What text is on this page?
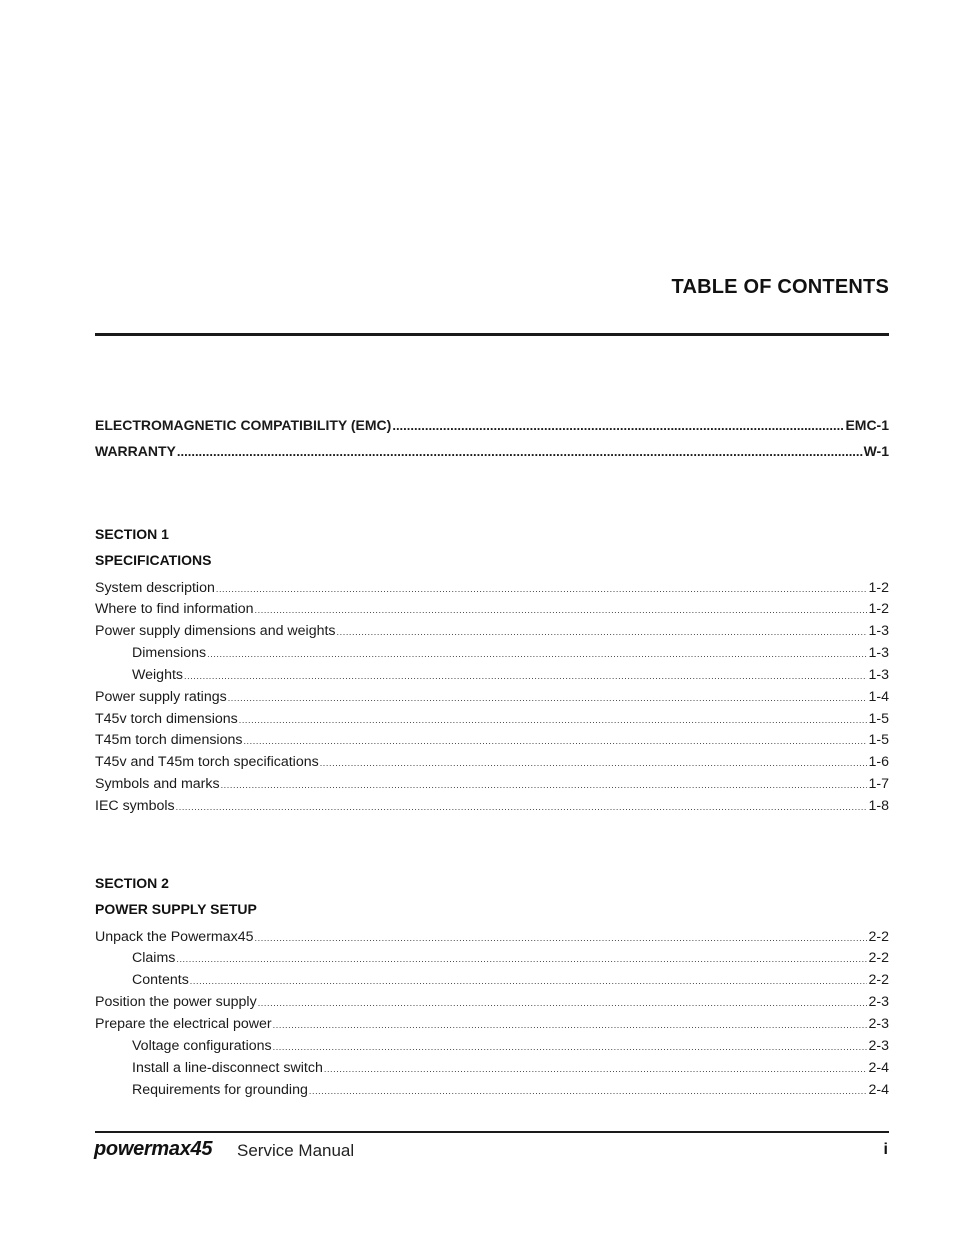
TABLE OF CONTENTS
ELECTROMAGNETIC COMPATIBILITY (EMC) .....	EMC-1
WARRANTY .....	W-1
SECTION 1
SPECIFICATIONS
System description .....	1-2
Where to find information .....	1-2
Power supply dimensions and weights .....	1-3
Dimensions .....	1-3
Weights .....	1-3
Power supply ratings .....	1-4
T45v torch dimensions .....	1-5
T45m torch dimensions .....	1-5
T45v and T45m torch specifications .....	1-6
Symbols and marks .....	1-7
IEC symbols .....	1-8
SECTION 2
POWER SUPPLY SETUP
Unpack the Powermax45 .....	2-2
Claims .....	2-2
Contents .....	2-2
Position the power supply .....	2-3
Prepare the electrical power .....	2-3
Voltage configurations .....	2-3
Install a line-disconnect switch .....	2-4
Requirements for grounding .....	2-4
powermax45 Service Manual	i
